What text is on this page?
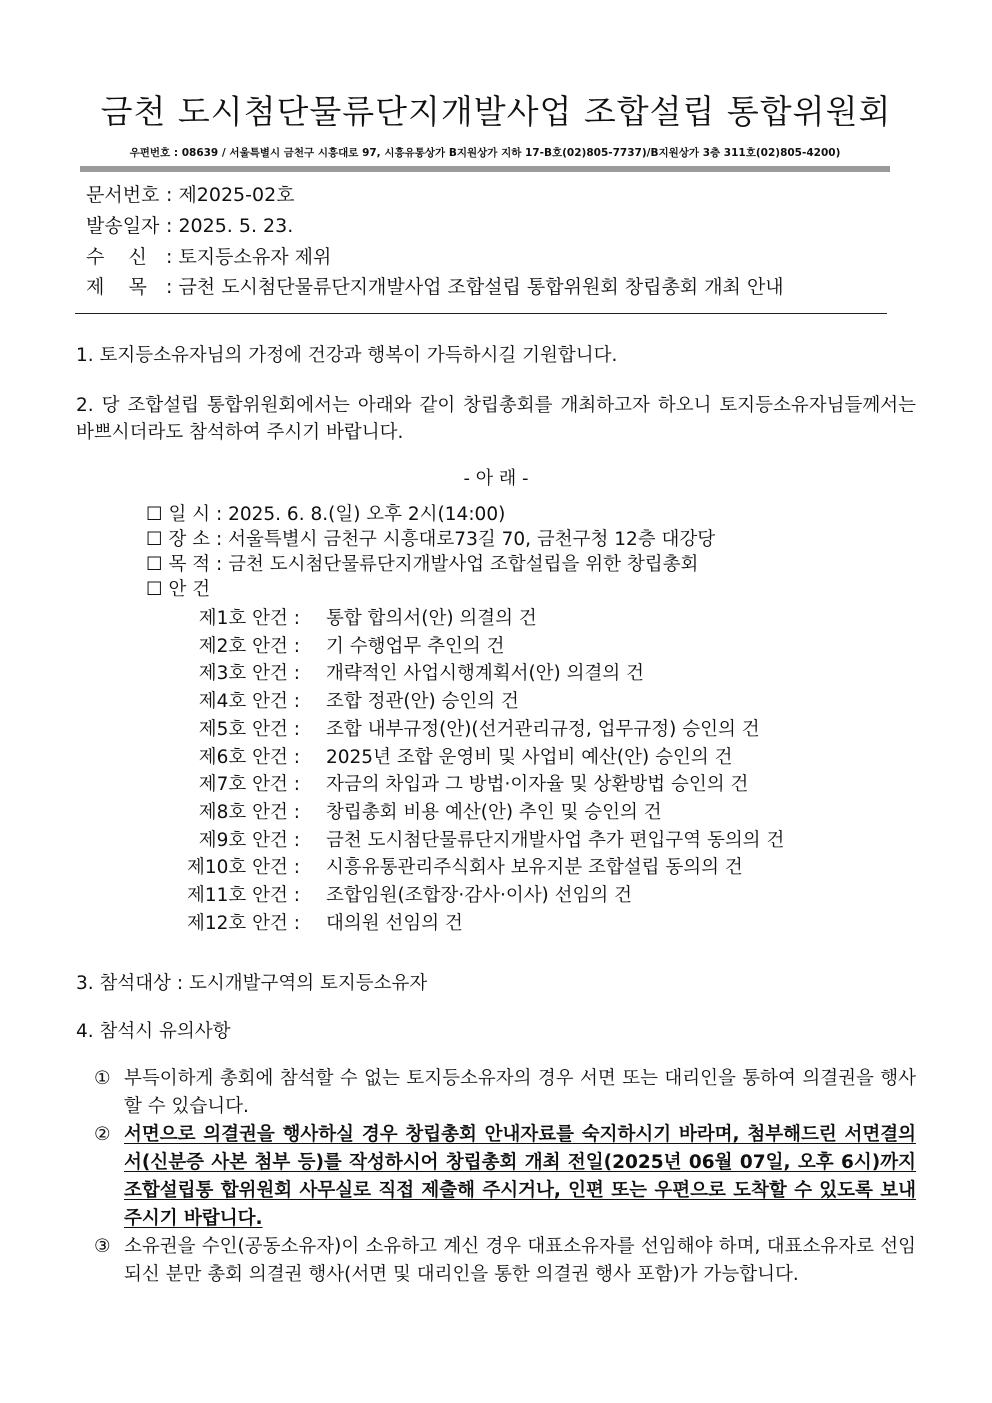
금천 도시첨단물류단지개발사업 조합설립 통합위원회
우편번호 : 08639 / 서울특별시 금천구 시흥대로 97, 시흥유통상가 B지원상가 지하 17-B호(02)805-7737)/B지원상가 3층 311호(02)805-4200)
문서번호 : 제2025-02호
발송일자 : 2025. 5. 23.
수    신 : 토지등소유자 제위
제    목 : 금천 도시첨단물류단지개발사업 조합설립 통합위원회 창립총회 개최 안내
1. 토지등소유자님의 가정에 건강과 행복이 가득하시길 기원합니다.
2. 당 조합설립 통합위원회에서는 아래와 같이 창립총회를 개최하고자 하오니 토지등소유자님들께서는 바쁘시더라도 참석하여 주시기 바랍니다.
- 아 래 -
☐ 일 시 : 2025. 6. 8.(일) 오후 2시(14:00)
☐ 장 소 : 서울특별시 금천구 시흥대로73길 70, 금천구청 12층 대강당
☐ 목 적 : 금천 도시첨단물류단지개발사업 조합설립을 위한 창립총회
☐ 안 건
제1호 안건 : 통합 합의서(안) 의결의 건
제2호 안건 : 기 수행업무 추인의 건
제3호 안건 : 개략적인 사업시행계획서(안) 의결의 건
제4호 안건 : 조합 정관(안) 승인의 건
제5호 안건 : 조합 내부규정(안)(선거관리규정, 업무규정) 승인의 건
제6호 안건 : 2025년 조합 운영비 및 사업비 예산(안) 승인의 건
제7호 안건 : 자금의 차입과 그 방법·이자율 및 상환방법 승인의 건
제8호 안건 : 창립총회 비용 예산(안) 추인 및 승인의 건
제9호 안건 : 금천 도시첨단물류단지개발사업 추가 편입구역 동의의 건
제10호 안건 : 시흥유통관리주식회사 보유지분 조합설립 동의의 건
제11호 안건 : 조합임원(조합장·감사·이사) 선임의 건
제12호 안건 : 대의원 선임의 건
3. 참석대상 : 도시개발구역의 토지등소유자
4. 참석시 유의사항
① 부득이하게 총회에 참석할 수 없는 토지등소유자의 경우 서면 또는 대리인을 통하여 의결권을 행사할 수 있습니다.
② 서면으로 의결권을 행사하실 경우 창립총회 안내자료를 숙지하시기 바라며, 첨부해드린 서면결의서(신분증 사본 첨부 등)를 작성하시어 창립총회 개최 전일(2025년 06월 07일, 오후 6시)까지 조합설립통 합위원회 사무실로 직접 제출해 주시거나, 인편 또는 우편으로 도착할 수 있도록 보내 주시기 바랍니다.
③ 소유권을 수인(공동소유자)이 소유하고 계신 경우 대표소유자를 선임해야 하며, 대표소유자로 선임되신 분만 총회 의결권 행사(서면 및 대리인을 통한 의결권 행사 포함)가 가능합니다.
